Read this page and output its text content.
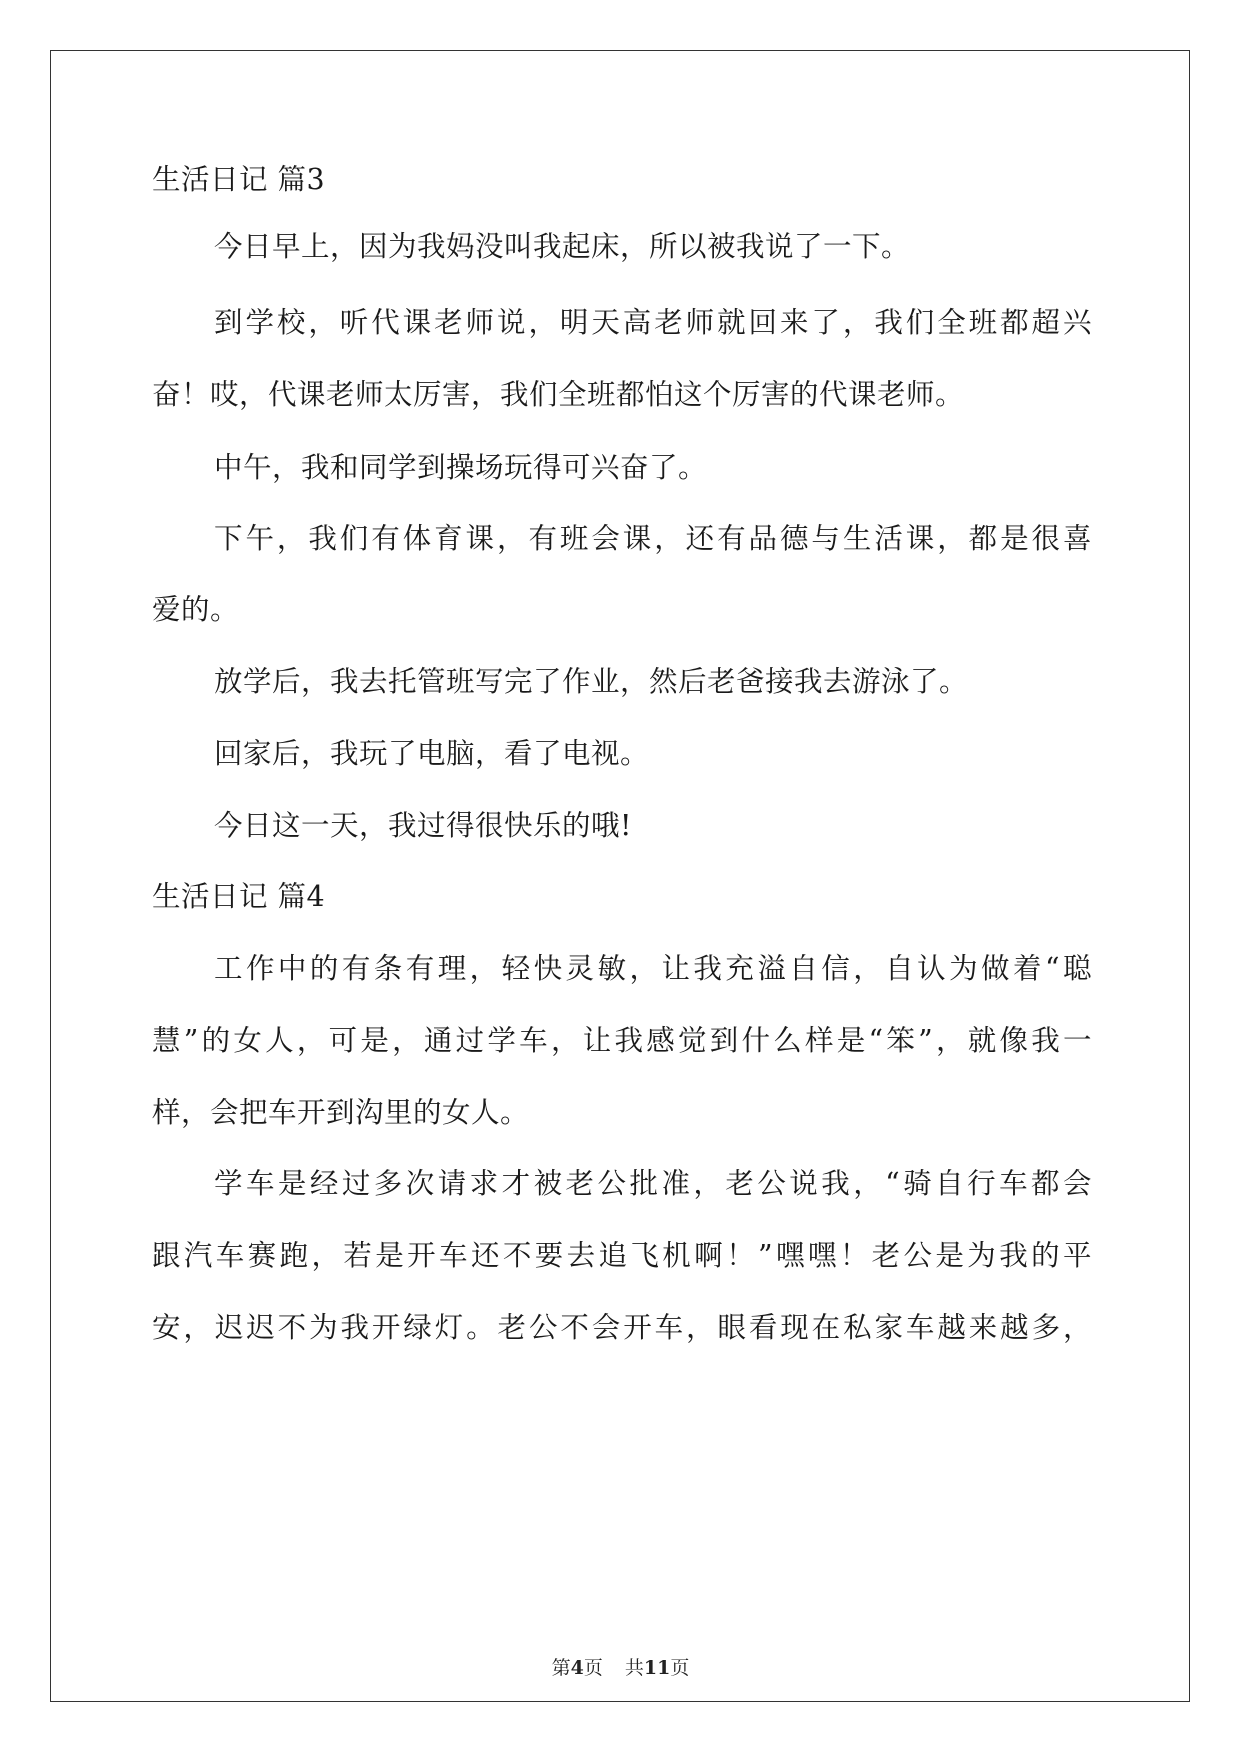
生活日记 篇3
今日早上，因为我妈没叫我起床，所以被我说了一下。
到学校，听代课老师说，明天高老师就回来了，我们全班都超兴
奋！哎，代课老师太厉害，我们全班都怕这个厉害的代课老师。
中午，我和同学到操场玩得可兴奋了。
下午，我们有体育课，有班会课，还有品德与生活课，都是很喜
爱的。
放学后，我去托管班写完了作业，然后老爸接我去游泳了。
回家后，我玩了电脑，看了电视。
今日这一天，我过得很快乐的哦!
生活日记 篇4
工作中的有条有理，轻快灵敏，让我充溢自信，自认为做着“聪
慧”的女人，可是，通过学车，让我感觉到什么样是“笨”，就像我一
样，会把车开到沟里的女人。
学车是经过多次请求才被老公批准，老公说我，“骑自行车都会
跟汽车赛跑，若是开车还不要去追飞机啊！”嘿嘿！老公是为我的平
安，迟迟不为我开绿灯。老公不会开车，眼看现在私家车越来越多，
第4页 共11页
